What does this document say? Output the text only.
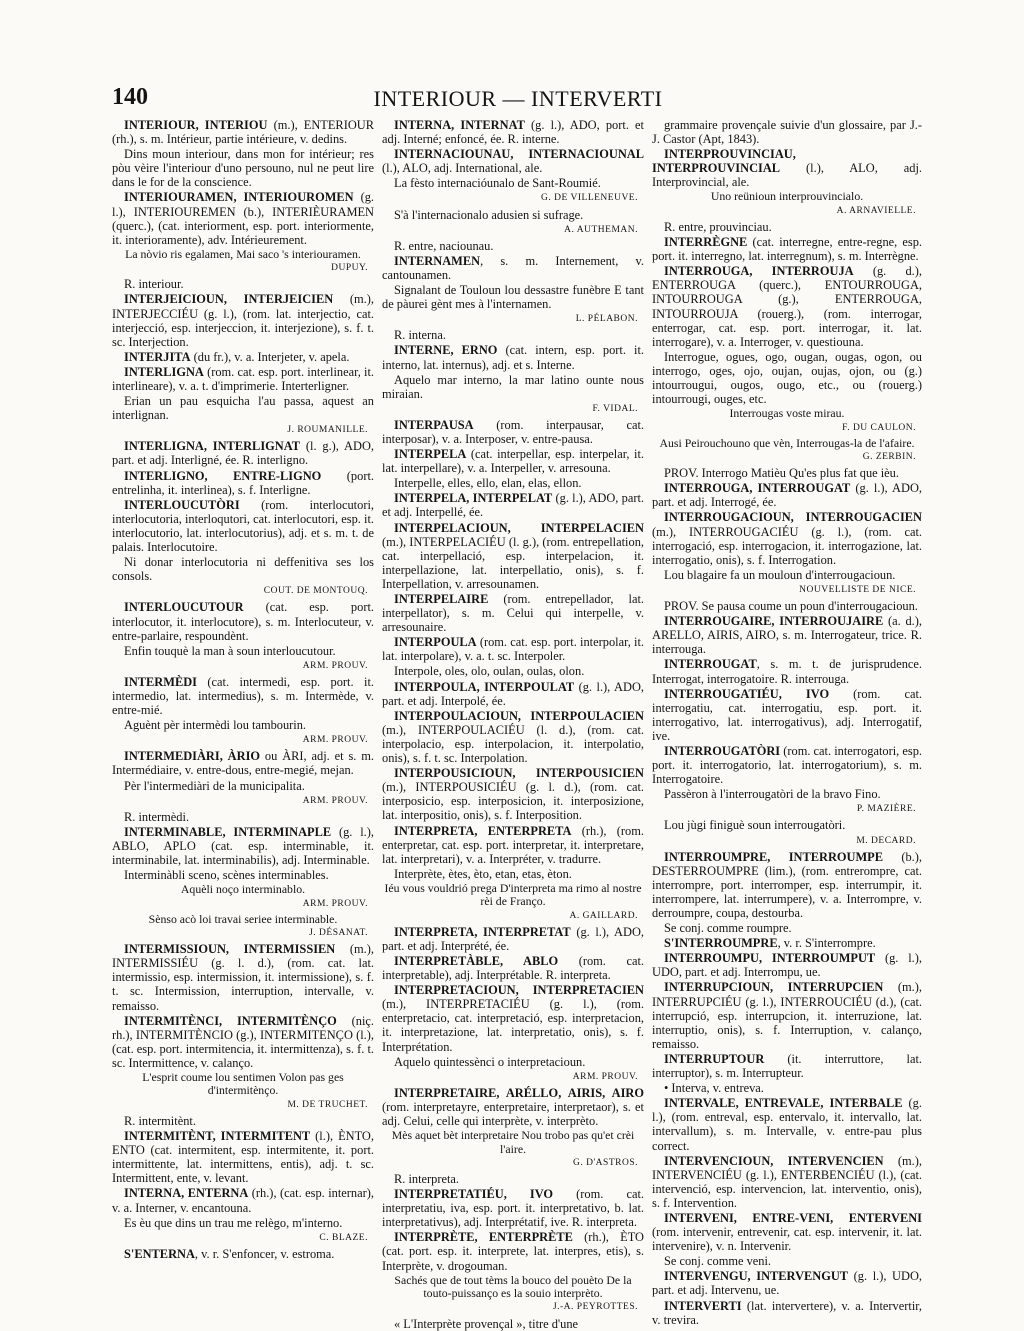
140	INTERIOUR — INTERVERTI

INTERIOUR, INTERIOU (m.), ENTERIOUR (rh.), s. m. Intérieur, partie intérieure, v. dedins.

Dins moun interiour, dans mon for intérieur; res pòu vèire l'interiour d'uno persouno, nul ne peut lire dans le for de la conscience.

INTERIOURAMEN, INTERIOUROMEN (g. l.), INTERIOUREMEN (b.), INTERIÈURAMEN (querc.), (cat. interiorment, esp. port. interiormente, it. interioramente), adv. Intérieurement.

La nòvio ris egalamen, Mai saco 's interiouramen.

DUPUY.

R. interiour.

INTERJEICIOUN, INTERJEICIEN (m.), INTERJECCIÉU (g. l.), (rom. lat. interjectio, cat. interjecció, esp. interjeccion, it. interjezione), s. f. t. sc. Interjection.

INTERJITA (du fr.), v. a. Interjeter, v. apela.

INTERLIGNA (rom. cat. esp. port. interlinear, it. interlineare), v. a. t. d'imprimerie. Interterligner.

Erian un pau esquicha l'au passa, aquest an interlignan.

J. ROUMANILLE.

INTERLIGNA, INTERLIGNAT (l. g.), ADO, part. et adj. Interligné, ée. R. interligno.

INTERLIGNO, ENTRE-LIGNO (port. entrelinha, it. interlinea), s. f. Interligne.

INTERLOUCUTÒRI (rom. interlocutori, interlocutoria, interloqutori, cat. interlocutori, esp. it. interlocutorio, lat. interlocutorius), adj. et s. m. t. de palais. Interlocutoire.

Ni donar interlocutoria ni deffenitiva ses los consols.

COUT. DE MONTOUQ.

INTERLOUCUTOUR (cat. esp. port. interlocutor, it. interlocutore), s. m. Interlocuteur, v. entre-parlaire, respoundènt.

Enfin touquè la man à soun interloucutour.

ARM. PROUV.

INTERMÈDI (cat. intermedi, esp. port. it. intermedio, lat. intermedius), s. m. Intermède, v. entre-mié.

Aguènt pèr intermèdi lou tambourin.

ARM. PROUV.

INTERMEDIÀRI, ÀRIO ou ÀRI, adj. et s. m. Intermédiaire, v. entre-dous, entre-megié, mejan.

Pèr l'intermediàri de la municipalita.

ARM. PROUV.

R. intermèdi.

INTERMINABLE, INTERMINAPLE (g. l.), ABLO, APLO (cat. esp. interminable, it. interminabile, lat. interminabilis), adj. Interminable.

Interminàbli sceno, scènes interminables.

Aquèli noço interminablo.

ARM. PROUV.

Sènso acò loi travai seriee interminable.

J. DÉSANAT.

INTERMISSIOUN, INTERMISSIEN (m.), INTERMISSIÉU (g. l. d.), (rom. cat. lat. intermissio, esp. intermission, it. intermissione), s. f. t. sc. Intermission, interruption, intervalle, v. remaisso.

INTERMITÈNCI, INTERMITÈNÇO (niç. rh.), INTERMITÈNCIO (g.), INTERMITENÇO (l.), (cat. esp. port. intermitencia, it. intermittenza), s. f. t. sc. Intermittence, v. calanço.

L'esprit coume lou sentimen Volon pas ges d'intermitènço.

M. DE TRUCHET.

R. intermitènt.

INTERMITÈNT, INTERMITENT (l.), ÈNTO, ENTO (cat. intermitent, esp. intermitente, it. port. intermittente, lat. intermittens, entis), adj. t. sc. Intermittent, ente, v. levant.

INTERNA, ENTERNA (rh.), (cat. esp. internar), v. a. Interner, v. encantouna.

Es èu que dins un trau me relègo, m'interno.

C. BLAZE.

S'ENTERNA, v. r. S'enfoncer, v. estroma.

INTERNA, INTERNAT (g. l.), ADO, port. et adj. Interné; enfoncé, ée. R. interne.

INTERNACIOUNAU, INTERNACIOUNAL (l.), ALO, adj. International, ale.

La fèsto internacióunalo de Sant-Roumié.

G. DE VILLENEUVE.

S'à l'internacionalo adusien si sufrage.

A. AUTHEMAN.

R. entre, naciounau.

INTERNAMEN, s. m. Internement, v. cantounamen.

Signalant de Touloun lou dessastre funèbre E tant de pàurei gènt mes à l'internamen.

L. PÉLABON.

R. interna.

INTERNE, ERNO (cat. intern, esp. port. it. interno, lat. internus), adj. et s. Interne.

Aquelo mar interno, la mar latino ounte nous miraian.

F. VIDAL.

INTERPAUSA (rom. interpausar, cat. interposar), v. a. Interposer, v. entre-pausa.

INTERPELA (cat. interpellar, esp. interpelar, it. lat. interpellare), v. a. Interpeller, v. arresouna.

Interpelle, elles, ello, elan, elas, ellon.

INTERPELA, INTERPELAT (g. l.), ADO, part. et adj. Interpellé, ée.

INTERPELACIOUN, INTERPELACIEN (m.), INTERPELACIÉU (l. g.), (rom. entrepellation, cat. interpellació, esp. interpelacion, it. interpellazione, lat. interpellatio, onis), s. f. Interpellation, v. arresounamen.

INTERPELAIRE (rom. entrepellador, lat. interpellator), s. m. Celui qui interpelle, v. arresounaire.

INTERPOULA (rom. cat. esp. port. interpolar, it. lat. interpolare), v. a. t. sc. Interpoler.

Interpole, oles, olo, oulan, oulas, olon.

INTERPOULA, INTERPOULAT (g. l.), ADO, part. et adj. Interpolé, ée.

INTERPOULACIOUN, INTERPOULACIEN (m.), INTERPOULACIÉU (l. d.), (rom. cat. interpolacio, esp. interpolacion, it. interpolatio, onis), s. f. t. sc. Interpolation.

INTERPOUSICIOUN, INTERPOUSICIEN (m.), INTERPOUSICIÉU (g. l. d.), (rom. cat. interposicio, esp. interposicion, it. interposizione, lat. interpositio, onis), s. f. Interposition.

INTERPRETA, ENTERPRETA (rh.), (rom. enterpretar, cat. esp. port. interpretar, it. interpretare, lat. interpretari), v. a. Interpréter, v. tradurre.

Interprète, ètes, èto, etan, etas, èton.

Iéu vous vouldrió prega D'interpreta ma rimo al nostre rèi de Franço.

A. GAILLARD.

INTERPRETA, INTERPRETAT (g. l.), ADO, part. et adj. Interprété, ée.

INTERPRETÀBLE, ABLO (rom. cat. interpretable), adj. Interprétable. R. interpreta.

INTERPRETACIOUN, INTERPRETACIEN (m.), INTERPRETACIÉU (g. l.), (rom. enterpretacio, cat. interpretació, esp. interpretacion, it. interpretazione, lat. interpretatio, onis), s. f. Interprétation.

Aquelo quintessènci o interpretacioun.

ARM. PROUV.

INTERPRETAIRE, ARÉLLO, AIRIS, AIRO (rom. interpretayre, enterpretaire, interpretaor), s. et adj. Celui, celle qui interprète, v. interprèto.

Mès aquet bèt interpretaire Nou trobo pas qu'et crèi l'aire.

G. D'ASTROS.

R. interpreta.

INTERPRETATIÉU, IVO (rom. cat. interpretatiu, iva, esp. port. it. interpretativo, b. lat. interpretativus), adj. Interprétatif, ive. R. interpreta.

INTERPRÈTE, ENTERPRÈTE (rh.), ÈTO (cat. port. esp. it. interprete, lat. interpres, etis), s. Interprète, v. drogouman.

Sachés que de tout tèms la bouco del pouèto De la touto-puissanço es la souio interprèto.

J.-A. PEYROTTES.

« L'Interprète provençal », titre d'une

grammaire provençale suivie d'un glossaire, par J.-J. Castor (Apt, 1843).

INTERPROUVINCIAU, INTERPROUVINCIAL (l.), ALO, adj. Interprovincial, ale.

Uno reünioun interprouvincialo.

A. ARNAVIELLE.

R. entre, prouvinciau.

INTERRÈGNE (cat. interregne, entre-regne, esp. port. it. interregno, lat. interregnum), s. m. Interrègne.

INTERROUGA, INTERROUJA (g. d.), ENTERROUGA (querc.), ENTOURROUGA, INTOURROUGA (g.), ENTERROUGA, INTOURROUJA (rouerg.), (rom. interrogar, enterrogar, cat. esp. port. interrogar, it. lat. interrogare), v. a. Interroger, v. questiouna.

Interrogue, ogues, ogo, ougan, ougas, ogon, ou interrogo, oges, ojo, oujan, oujas, ojon, ou (g.) intourrougui, ougos, ougo, etc., ou (rouerg.) intourrougi, ouges, etc.

Interrougas voste mirau.

F. DU CAULON.

Ausi Peirouchouno que vèn, Interrougas-la de l'afaire.

G. ZERBIN.

PROV. Interrogo Matièu Qu'es plus fat que ièu.

INTERROUGA, INTERROUGAT (g. l.), ADO, part. et adj. Interrogé, ée.

INTERROUGACIOUN, INTERROUGACIEN (m.), INTERROUGACIÉU (g. l.), (rom. cat. interrogació, esp. interrogacion, it. interrogazione, lat. interrogatio, onis), s. f. Interrogation.

Lou blagaire fa un mouloun d'interrougacioun.

NOUVELLISTE DE NICE.

PROV. Se pausa coume un poun d'interrougacioun.

INTERROUGAIRE, INTERROUJAIRE (a. d.), ARELLO, AIRIS, AIRO, s. m. Interrogateur, trice. R. interrouga.

INTERROUGAT, s. m. t. de jurisprudence. Interrogat, interrogatoire. R. interrouga.

INTERROUGATIÉU, IVO (rom. cat. interrogatiu, cat. interrogatiu, esp. port. it. interrogativo, lat. interrogativus), adj. Interrogatif, ive.

INTERROUGATÒRI (rom. cat. interrogatori, esp. port. it. interrogatorio, lat. interrogatorium), s. m. Interrogatoire.

Passèron à l'interrougatòri de la bravo Fino.

P. MAZIÈRE.

Lou jùgi finiguè soun interrougatòri.

M. DECARD.

INTERROUMPRE, INTERROUMPE (b.), DESTERROUMPRE (lim.), (rom. entrerompre, cat. interrompre, port. interromper, esp. interrumpir, it. interrompere, lat. interrumpere), v. a. Interrompre, v. derroumpre, coupa, destourba.

Se conj. comme roumpre.

S'INTERROUMPRE, v. r. S'interrompre.

INTERROUMPU, INTERROUMPUT (g. l.), UDO, part. et adj. Interrompu, ue.

INTERRUPCIOUN, INTERRUPCIEN (m.), INTERRUPCIÉU (g. l.), INTERROUCIÉU (d.), (cat. interrupció, esp. interrupcion, it. interruzione, lat. interruptio, onis), s. f. Interruption, v. calanço, remaisso.

INTERRUPTOUR (it. interruttore, lat. interruptor), s. m. Interrupteur.

• Interva, v. entreva.

INTERVALE, ENTREVALE, INTERBALE (g. l.), (rom. entreval, esp. entervalo, it. intervallo, lat. intervallum), s. m. Intervalle, v. entre-pau plus correct.

INTERVENCIOUN, INTERVENCIEN (m.), INTERVENCIÉU (g. l.), ENTERBENCIÉU (l.), (cat. intervenció, esp. intervencion, lat. interventio, onis), s. f. Intervention.

INTERVENI, ENTRE-VENI, ENTERVENI (rom. intervenir, entrevenir, cat. esp. intervenir, it. lat. intervenire), v. n. Intervenir.

Se conj. comme veni.

INTERVENGU, INTERVENGUT (g. l.), UDO, part. et adj. Intervenu, ue.

INTERVERTI (lat. intervertere), v. a. Intervertir, v. trevira.
